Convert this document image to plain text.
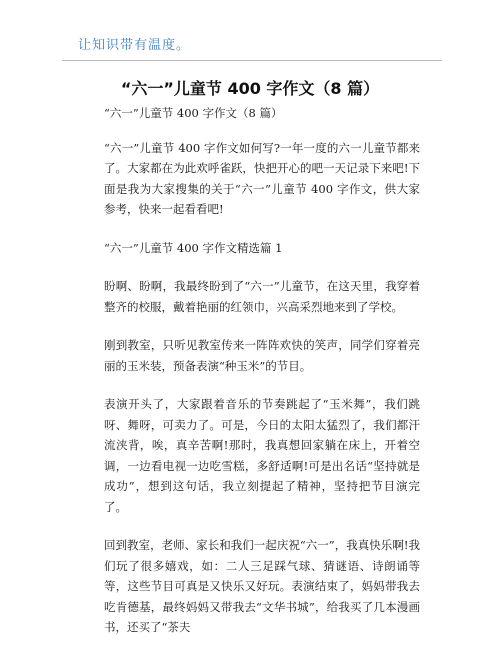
让知识带有温度。
“六一”儿童节 400 字作文（8 篇）

“六一”儿童节 400 字作文（8 篇）

“六一”儿童节 400 字作文如何写?一年一度的六一儿童节都来了。大家都在为此欢呼雀跃，快把开心的吧一天记录下来吧!下面是我为大家搜集的关于“六一”儿童节 400 字作文，供大家参考，快来一起看看吧!

“六一”儿童节 400 字作文精选篇 1

盼啊、盼啊，我最终盼到了“六一”儿童节，在这天里，我穿着整齐的校服，戴着艳丽的红领巾，兴高采烈地来到了学校。

刚到教室，只听见教室传来一阵阵欢快的笑声，同学们穿着亮丽的玉米装，预备表演“种玉米”的节目。

表演开头了，大家跟着音乐的节奏跳起了“玉米舞”，我们跳呀、舞呀，可卖力了。可是，今日的太阳太猛烈了，我们都汗流浃背，唉，真辛苦啊!那时，我真想回家躺在床上，开着空调，一边看电视一边吃雪糕，多舒适啊!可是出名话“坚持就是成功”，想到这句话，我立刻提起了精神，坚持把节目演完了。

回到教室，老师、家长和我们一起庆祝“六一”，我真快乐啊!我们玩了很多嬉戏，如：二人三足踩气球、猜谜语、诗朗诵等等，这些节目可真是又快乐又好玩。表演结束了，妈妈带我去吃肯德基，最终妈妈又带我去“文华书城”，给我买了几本漫画书，还买了“茶夫
